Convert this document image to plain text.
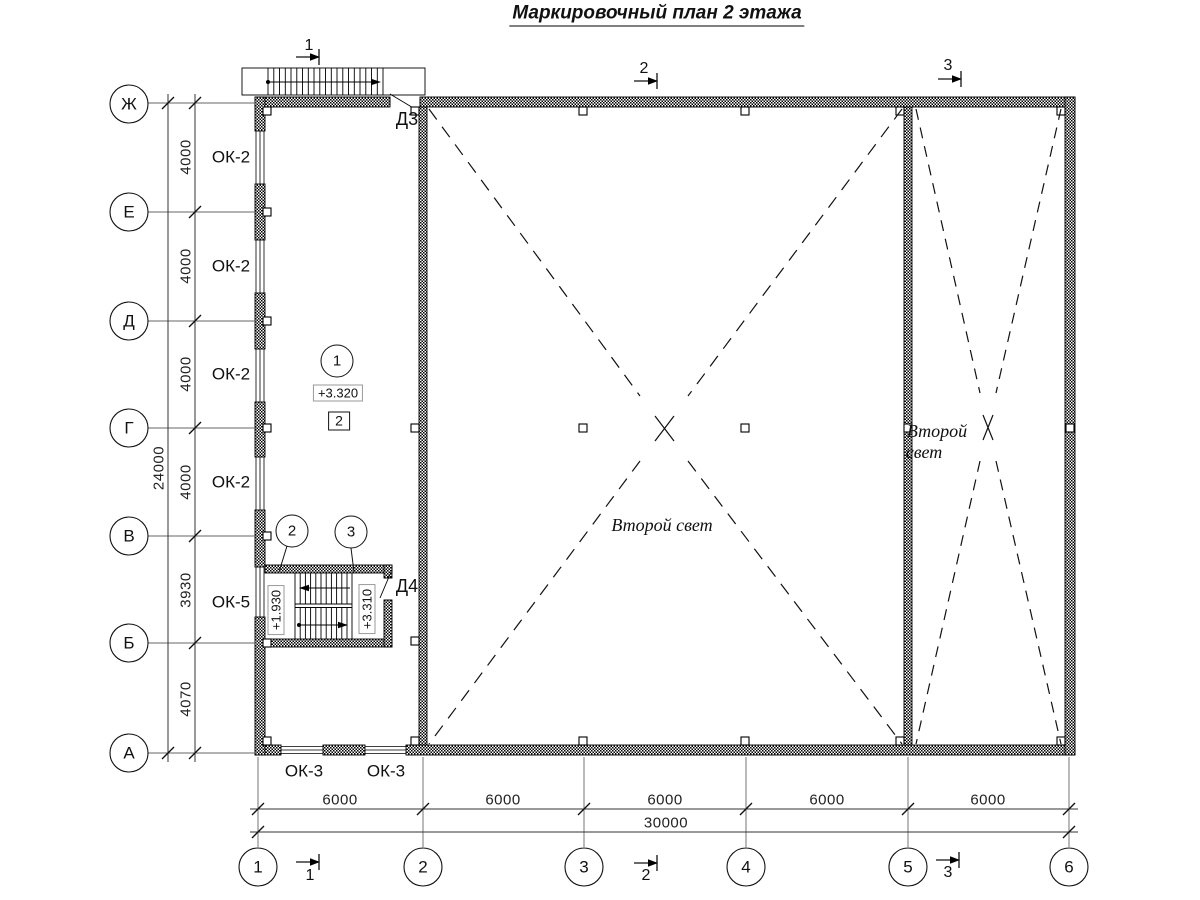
Маркировочный план 2 этажа
Ж
Е
Д
Г
В
Б
А
1	2	3	4	5	6
4000
4000
4000
4000
3930
4070
24000
6000	6000	6000	6000	6000
30000
1
2	3
1	2	3
ОК-2
ОК-2
ОК-2
ОК-2
ОК-5
ОК-3	ОК-3
Д3
Д4
+3.320
+1.930	+3.310
1
2	3
2
Второй свет
Второй
свет
